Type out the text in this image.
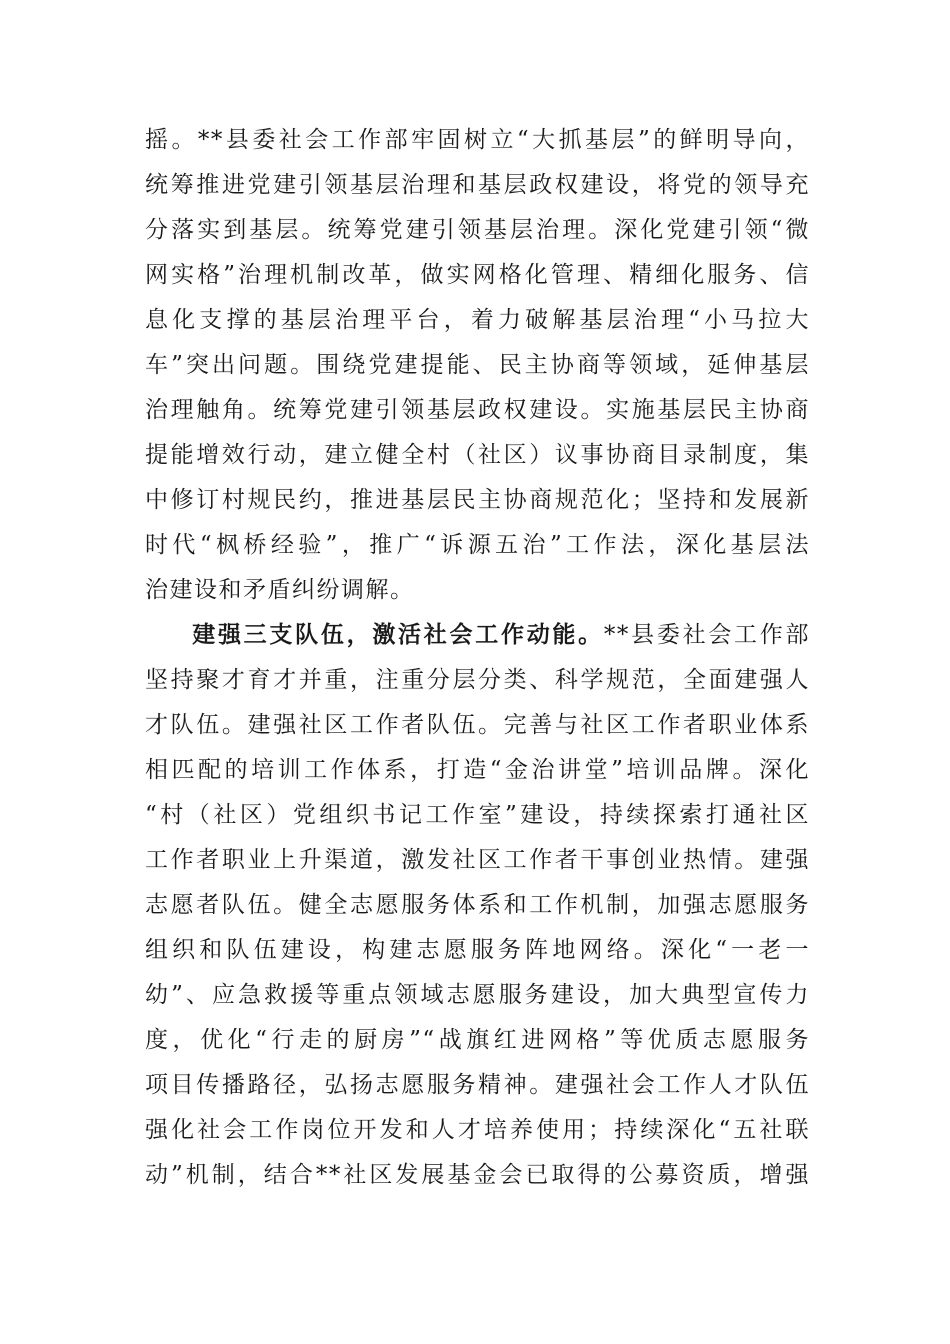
摇。**县委社会工作部牢固树立“大抓基层”的鲜明导向，
统筹推进党建引领基层治理和基层政权建设，将党的领导充
分落实到基层。统筹党建引领基层治理。深化党建引领“微
网实格”治理机制改革，做实网格化管理、精细化服务、信
息化支撑的基层治理平台，着力破解基层治理“小马拉大
车”突出问题。围绕党建提能、民主协商等领域，延伸基层
治理触角。统筹党建引领基层政权建设。实施基层民主协商
提能增效行动，建立健全村（社区）议事协商目录制度，集
中修订村规民约，推进基层民主协商规范化；坚持和发展新
时代“枫桥经验”，推广“诉源五治”工作法，深化基层法
治建设和矛盾纠纷调解。
建强三支队伍，激活社会工作动能。**县委社会工作部
坚持聚才育才并重，注重分层分类、科学规范，全面建强人
才队伍。建强社区工作者队伍。完善与社区工作者职业体系
相匹配的培训工作体系，打造“金治讲堂”培训品牌。深化
“村（社区）党组织书记工作室”建设，持续探索打通社区
工作者职业上升渠道，激发社区工作者干事创业热情。建强
志愿者队伍。健全志愿服务体系和工作机制，加强志愿服务
组织和队伍建设，构建志愿服务阵地网络。深化“一老一
幼”、应急救援等重点领域志愿服务建设，加大典型宣传力
度，优化“行走的厨房”“战旗红进网格”等优质志愿服务
项目传播路径，弘扬志愿服务精神。建强社会工作人才队伍
强化社会工作岗位开发和人才培养使用；持续深化“五社联
动”机制，结合**社区发展基金会已取得的公募资质，增强
